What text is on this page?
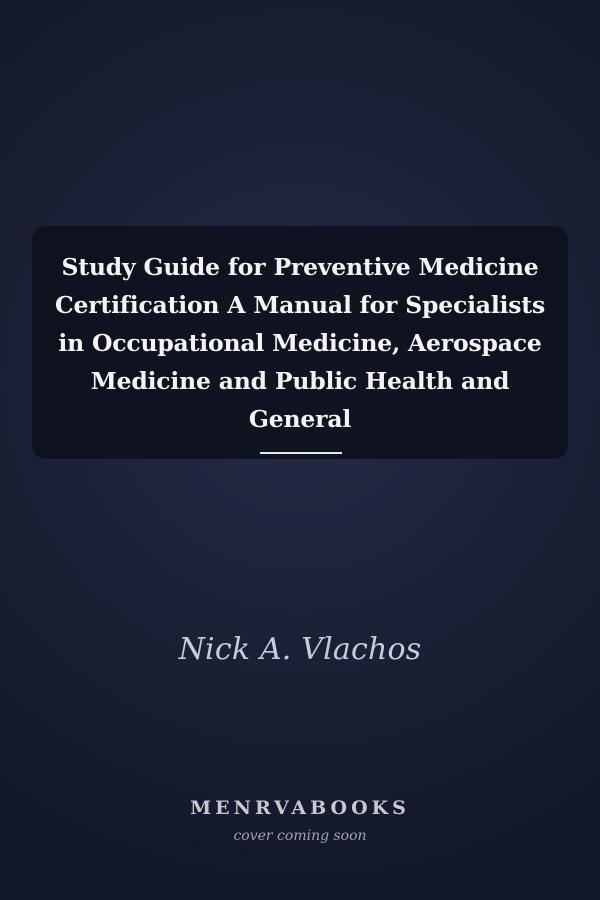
Study Guide for Preventive Medicine Certification A Manual for Specialists in Occupational Medicine, Aerospace Medicine and Public Health and General
Nick A. Vlachos
MENRVABOOKS
cover coming soon
